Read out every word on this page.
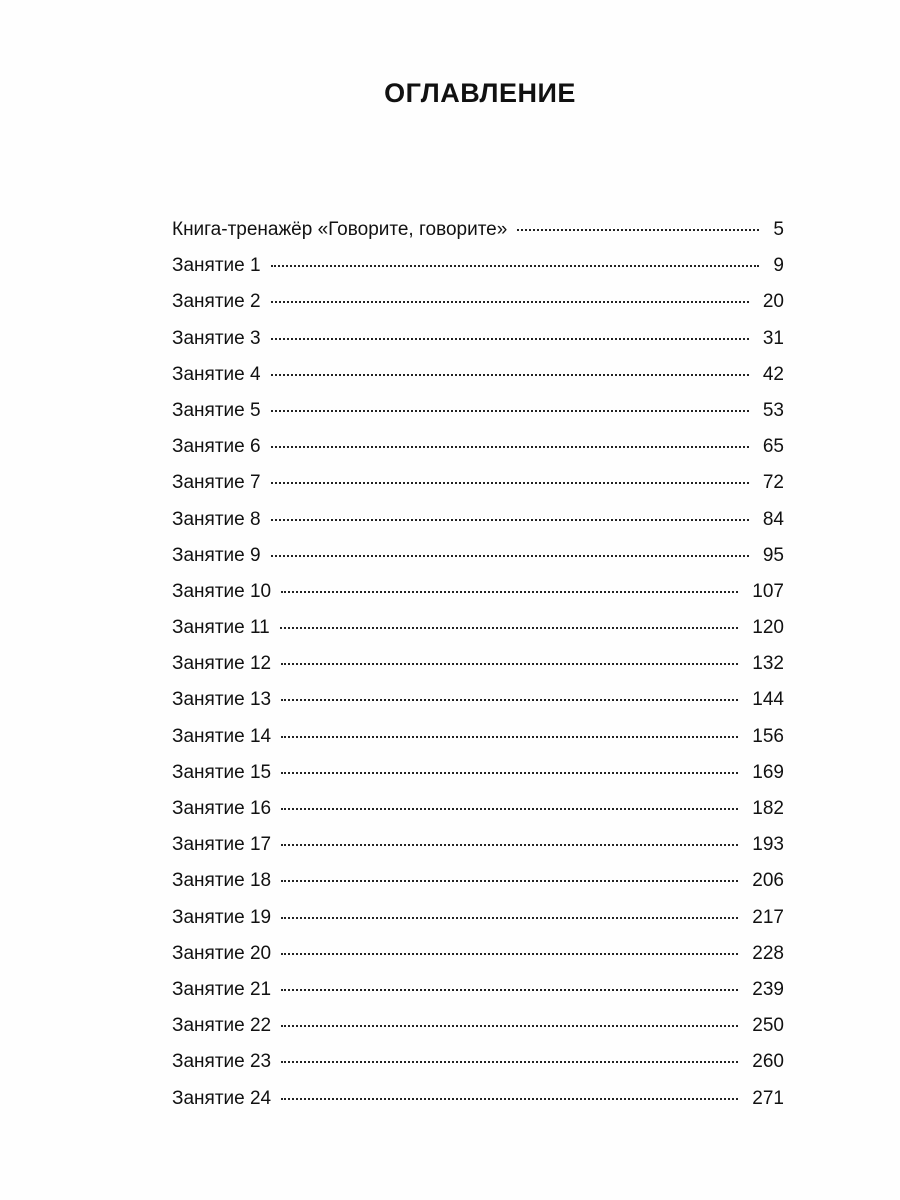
ОГЛАВЛЕНИЕ
Книга-тренажёр «Говорите, говорите»	5
Занятие 1	9
Занятие 2	20
Занятие 3	31
Занятие 4	42
Занятие 5	53
Занятие 6	65
Занятие 7	72
Занятие 8	84
Занятие 9	95
Занятие 10	107
Занятие 11	120
Занятие 12	132
Занятие 13	144
Занятие 14	156
Занятие 15	169
Занятие 16	182
Занятие 17	193
Занятие 18	206
Занятие 19	217
Занятие 20	228
Занятие 21	239
Занятие 22	250
Занятие 23	260
Занятие 24	271
